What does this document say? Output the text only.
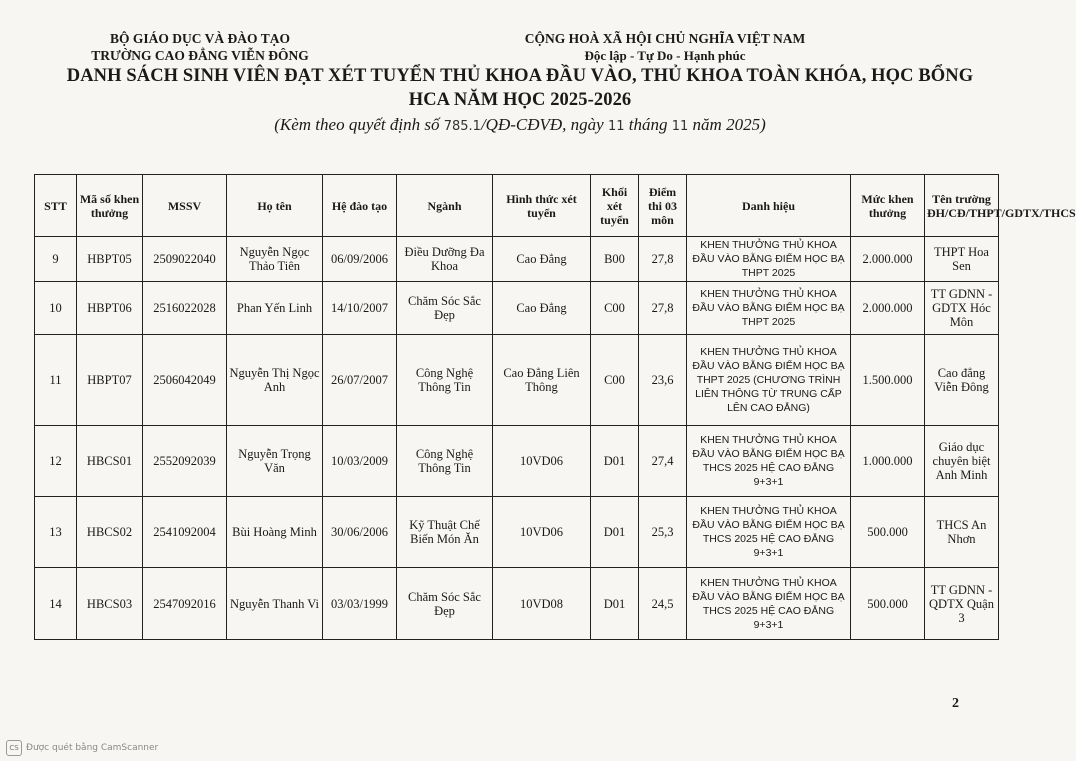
BỘ GIÁO DỤC VÀ ĐÀO TẠO
TRƯỜNG CAO ĐẲNG VIỄN ĐÔNG
CỘNG HOÀ XÃ HỘI CHỦ NGHĨA VIỆT NAM
Độc lập - Tự Do - Hạnh phúc
DANH SÁCH SINH VIÊN ĐẠT XÉT TUYỂN THỦ KHOA ĐẦU VÀO, THỦ KHOA TOÀN KHÓA, HỌC BỔNG
HCA NĂM HỌC 2025-2026
(Kèm theo quyết định số 785.1/QĐ-CĐVĐ, ngày 11 tháng 11 năm 2025)
STT	Mã số khen thưởng	MSSV	Họ tên	Hệ đào tạo	Ngành	Hình thức xét tuyển	Khối xét tuyển	Điểm thi 03 môn	Danh hiệu	Mức khen thưởng	Tên trường ĐH/CĐ/THPT/GDTX/THCS
9	HBPT05	2509022040	Nguyễn Ngọc Thảo Tiên	06/09/2006	Điều Dưỡng Đa Khoa	Cao Đẳng	B00	27,8	KHEN THƯỞNG THỦ KHOA ĐẦU VÀO BẰNG ĐIỂM HỌC BẠ THPT 2025	2.000.000	THPT Hoa Sen
10	HBPT06	2516022028	Phan Yến Linh	14/10/2007	Chăm Sóc Sắc Đẹp	Cao Đẳng	C00	27,8	KHEN THƯỞNG THỦ KHOA ĐẦU VÀO BẰNG ĐIỂM HỌC BẠ THPT 2025	2.000.000	TT GDNN - GDTX Hóc Môn
11	HBPT07	2506042049	Nguyễn Thị Ngọc Anh	26/07/2007	Công Nghệ Thông Tin	Cao Đẳng Liên Thông	C00	23,6	KHEN THƯỞNG THỦ KHOA ĐẦU VÀO BẰNG ĐIỂM HỌC BẠ THPT 2025 (CHƯƠNG TRÌNH LIÊN THÔNG TỪ TRUNG CẤP LÊN CAO ĐẲNG)	1.500.000	Cao đẳng Viễn Đông
12	HBCS01	2552092039	Nguyễn Trọng Văn	10/03/2009	Công Nghệ Thông Tin	10VD06	D01	27,4	KHEN THƯỞNG THỦ KHOA ĐẦU VÀO BẰNG ĐIỂM HỌC BẠ THCS 2025 HỆ CAO ĐẲNG 9+3+1	1.000.000	Giáo dục chuyên biệt Anh Minh
13	HBCS02	2541092004	Bùi Hoàng Minh	30/06/2006	Kỹ Thuật Chế Biến Món Ăn	10VD06	D01	25,3	KHEN THƯỞNG THỦ KHOA ĐẦU VÀO BẰNG ĐIỂM HỌC BẠ THCS 2025 HỆ CAO ĐẲNG 9+3+1	500.000	THCS An Nhơn
14	HBCS03	2547092016	Nguyễn Thanh Vi	03/03/1999	Chăm Sóc Sắc Đẹp	10VD08	D01	24,5	KHEN THƯỞNG THỦ KHOA ĐẦU VÀO BẰNG ĐIỂM HỌC BẠ THCS 2025 HỆ CAO ĐẲNG 9+3+1	500.000	TT GDNN - QDTX Quận 3
2
CS Được quét bằng CamScanner
